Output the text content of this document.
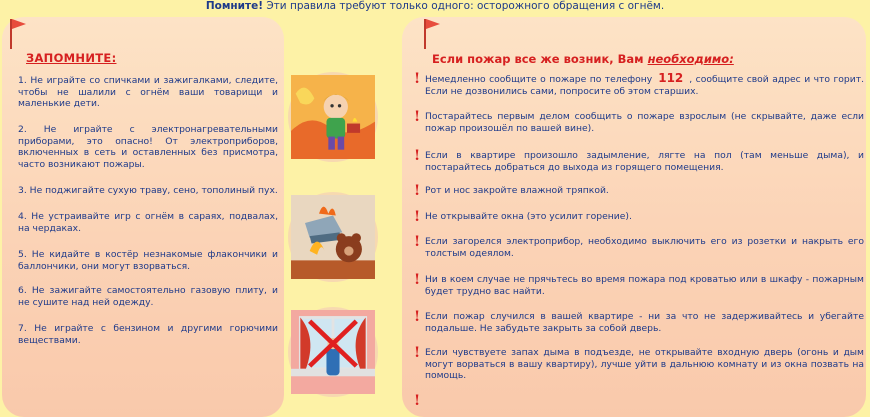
Помните! Эти правила требуют только одного: осторожного обращения с огнём.
ЗАПОМНИТЕ:
1. Не играйте со спичками и зажигалками, следите, чтобы не шалили с огнём ваши товарищи и маленькие дети.
2. Не играйте с электронагревательными приборами, это опасно! От электроприборов, включенных в сеть и оставленных без присмотра, часто возникают пожары.
3. Не поджигайте сухую траву, сено, тополиный пух.
4. Не устраивайте игр с огнём в сараях, подвалах, на чердаках.
5. Не кидайте в костёр незнакомые флакончики и баллончики, они могут взорваться.
6. Не зажигайте самостоятельно газовую плиту, и не сушите над ней одежду.
7. Не играйте с бензином и другими горючими веществами.
Если пожар все же возник, Вам необходимо:
! Немедленно сообщите о пожаре по телефону 112 , сообщите свой адрес и что горит. Если не дозвонились сами, попросите об этом старших.
! Постарайтесь первым делом сообщить о пожаре взрослым (не скрывайте, даже если пожар произошёл по вашей вине).
! Если в квартире произошло задымление, лягте на пол (там меньше дыма), и постарайтесь добраться до выхода из горящего помещения.
! Рот и нос закройте влажной тряпкой.
! Не открывайте окна (это усилит горение).
! Если загорелся электроприбор, необходимо выключить его из розетки и накрыть его толстым одеялом.
! Ни в коем случае не прячьтесь во время пожара под кроватью или в шкафу - пожарным будет трудно вас найти.
! Если пожар случился в вашей квартире - ни за что не задерживайтесь и убегайте подальше. Не забудьте закрыть за собой дверь.
! Если чувствуете запах дыма в подъезде, не открывайте входную дверь (огонь и дым могут ворваться в вашу квартиру), лучше уйти в дальнюю комнату и из окна позвать на помощь.
!
